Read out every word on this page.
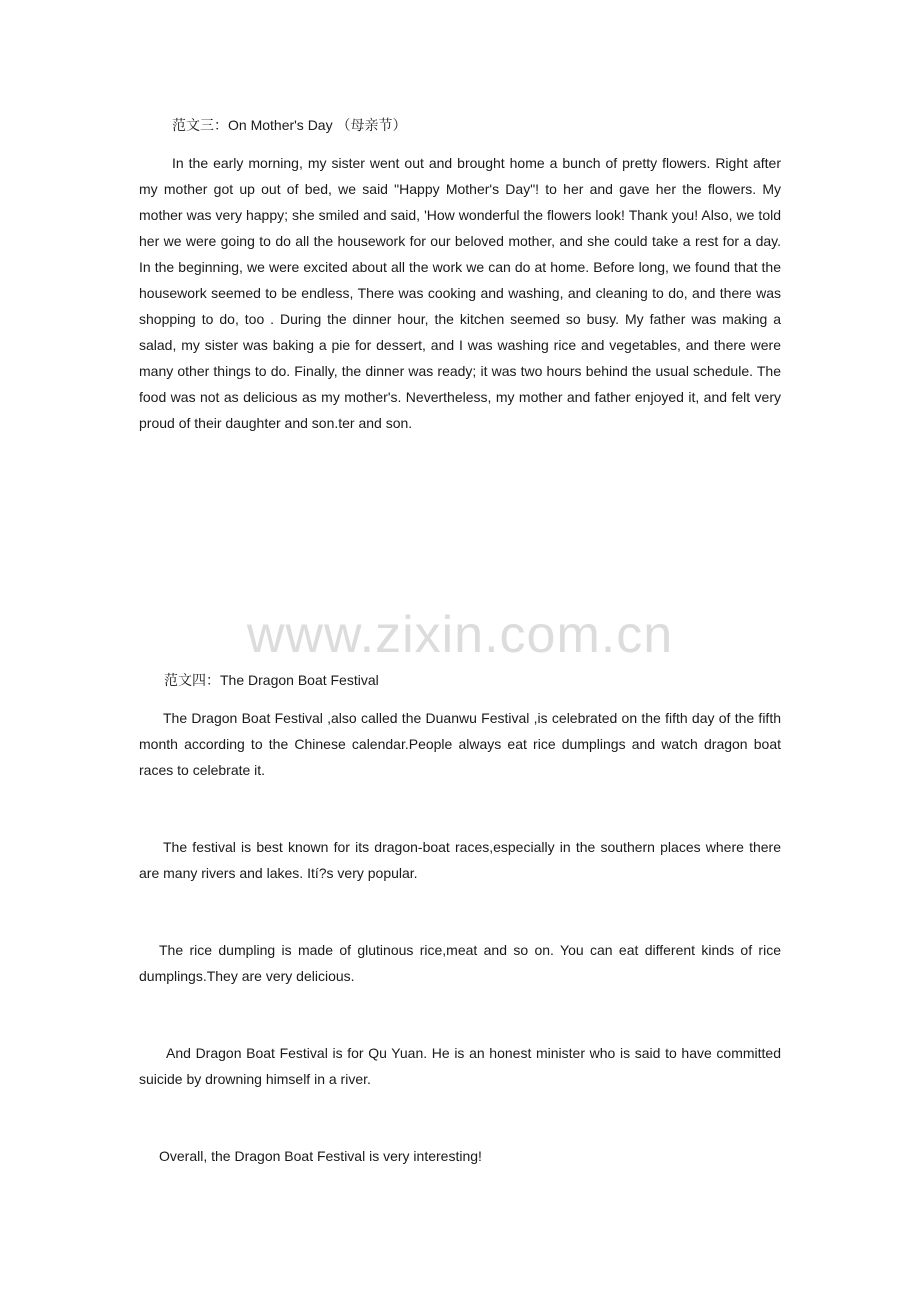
范文三：On Mother's Day （母亲节）

In the early morning, my sister went out and brought home a bunch of pretty flowers. Right after my mother got up out of bed, we said "Happy Mother's Day"! to her and gave her the flowers. My mother was very happy; she smiled and said, 'How wonderful the flowers look! Thank you! Also, we told her we were going to do all the housework for our beloved mother, and she could take a rest for a day. In the beginning, we were excited about all the work we can do at home. Before long, we found that the housework seemed to be endless, There was cooking and washing, and cleaning to do, and there was shopping to do, too . During the dinner hour, the kitchen seemed so busy. My father was making a salad, my sister was baking a pie for dessert, and I was washing rice and vegetables, and there were many other things to do. Finally, the dinner was ready; it was two hours behind the usual schedule. The food was not as delicious as my mother's. Nevertheless, my mother and father enjoyed it, and felt very proud of their daughter and son.ter and son.

www.zixin.com.cn
范文四：The Dragon Boat Festival

The Dragon Boat Festival ,also called the Duanwu Festival ,is celebrated on the fifth day of the fifth month according to the Chinese calendar.People always eat rice dumplings and watch dragon boat races to celebrate it.

The festival is best known for its dragon-boat races,especially in the southern places where there are many rivers and lakes. Ití?s very popular.

The rice dumpling is made of glutinous rice,meat and so on. You can eat different kinds of rice dumplings.They are very delicious.

And Dragon Boat Festival is for Qu Yuan. He is an honest minister who is said to have committed suicide by drowning himself in a river.

Overall, the Dragon Boat Festival is very interesting!
